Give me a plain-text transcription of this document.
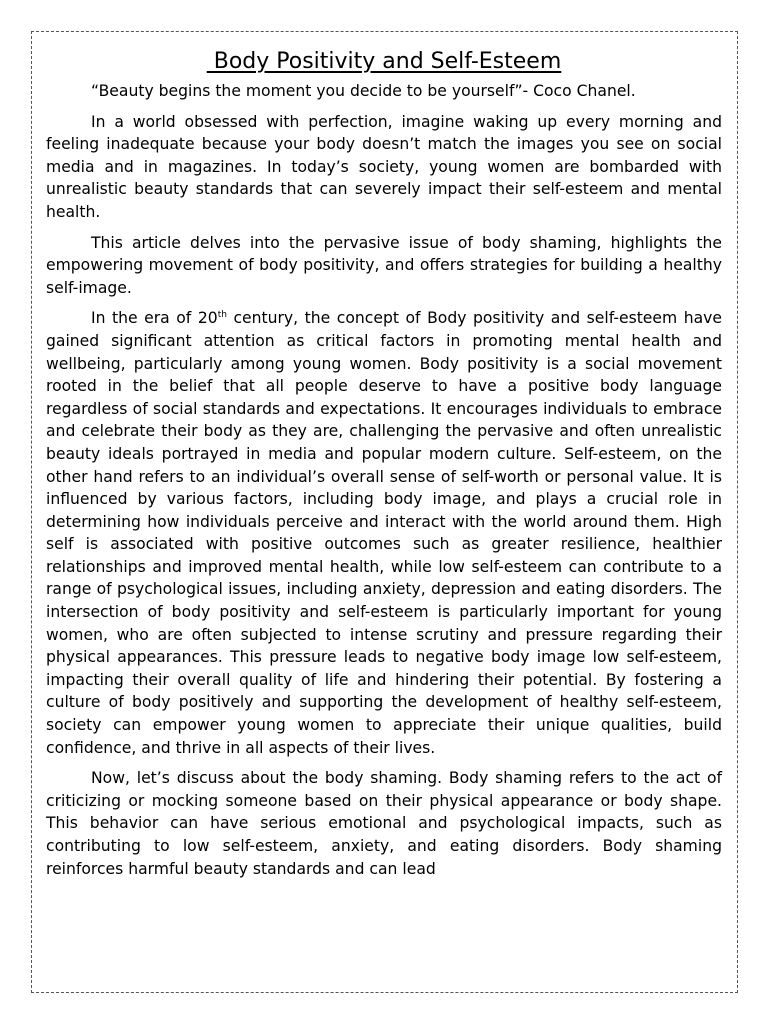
Body Positivity and Self-Esteem

“Beauty begins the moment you decide to be yourself”- Coco Chanel.

In a world obsessed with perfection, imagine waking up every morning and feeling inadequate because your body doesn’t match the images you see on social media and in magazines. In today’s society, young women are bombarded with unrealistic beauty standards that can severely impact their self-esteem and mental health.

This article delves into the pervasive issue of body shaming, highlights the empowering movement of body positivity, and offers strategies for building a healthy self-image.

In the era of 20th century, the concept of Body positivity and self-esteem have gained significant attention as critical factors in promoting mental health and wellbeing, particularly among young women. Body positivity is a social movement rooted in the belief that all people deserve to have a positive body language regardless of social standards and expectations. It encourages individuals to embrace and celebrate their body as they are, challenging the pervasive and often unrealistic beauty ideals portrayed in media and popular modern culture. Self-esteem, on the other hand refers to an individual’s overall sense of self-worth or personal value. It is influenced by various factors, including body image, and plays a crucial role in determining how individuals perceive and interact with the world around them. High self is associated with positive outcomes such as greater resilience, healthier relationships and improved mental health, while low self-esteem can contribute to a range of psychological issues, including anxiety, depression and eating disorders. The intersection of body positivity and self-esteem is particularly important for young women, who are often subjected to intense scrutiny and pressure regarding their physical appearances. This pressure leads to negative body image low self-esteem, impacting their overall quality of life and hindering their potential. By fostering a culture of body positively and supporting the development of healthy self-esteem, society can empower young women to appreciate their unique qualities, build confidence, and thrive in all aspects of their lives.

Now, let’s discuss about the body shaming. Body shaming refers to the act of criticizing or mocking someone based on their physical appearance or body shape. This behavior can have serious emotional and psychological impacts, such as contributing to low self-esteem, anxiety, and eating disorders. Body shaming reinforces harmful beauty standards and can lead
